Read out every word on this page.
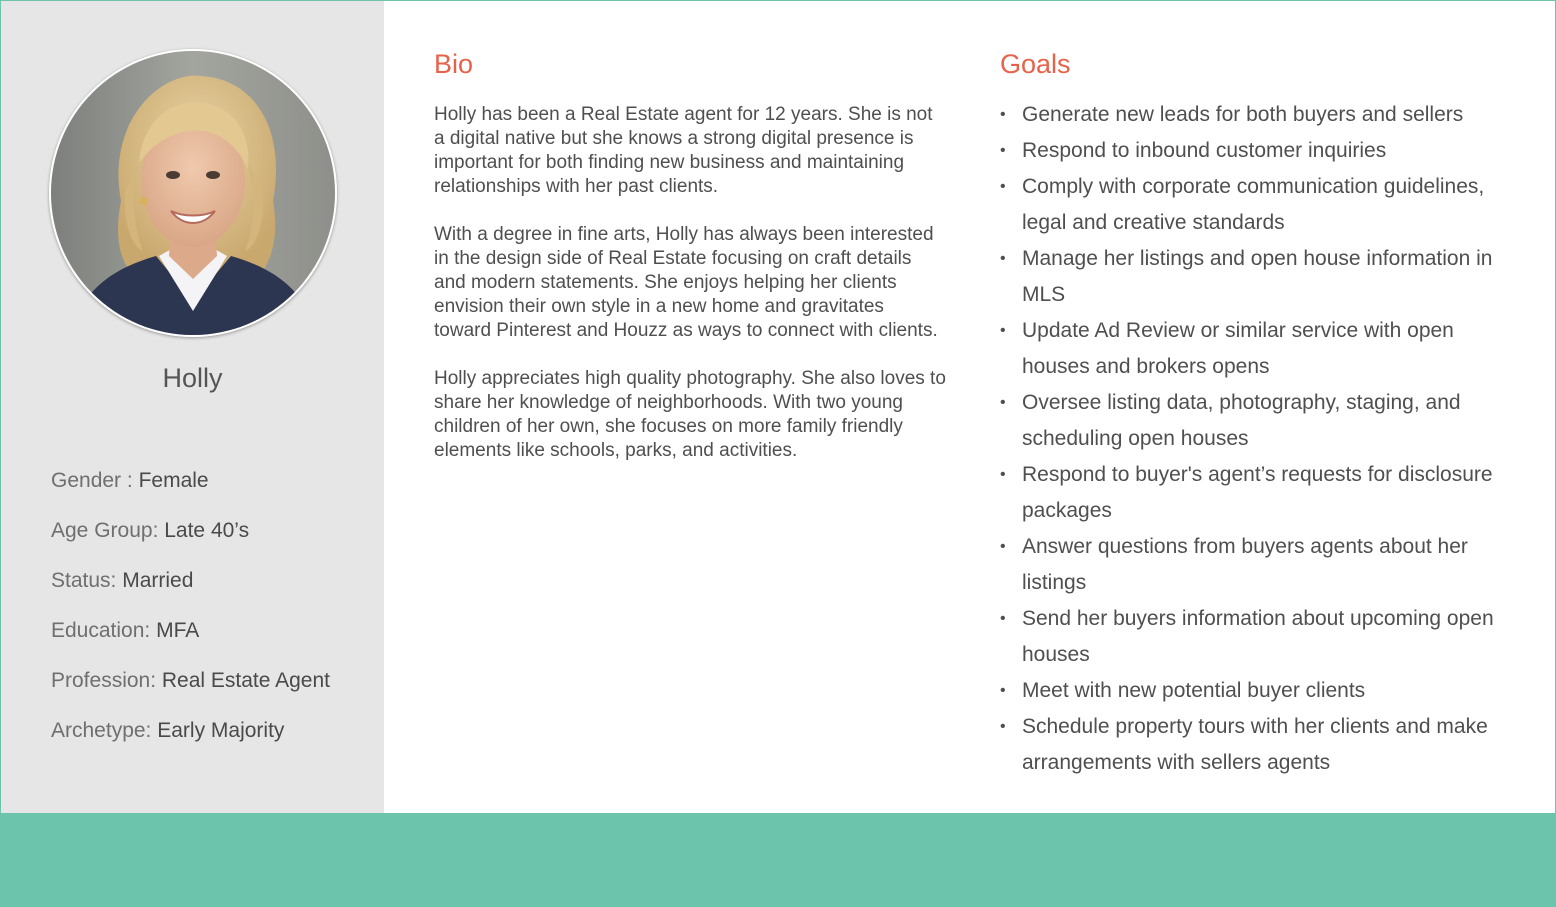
Holly
Gender : Female
Age Group: Late 40’s
Status: Married
Education: MFA
Profession: Real Estate Agent
Archetype: Early Majority
Bio

Holly has been a Real Estate agent for 12 years. She is not a digital native but she knows a strong digital presence is important for both finding new business and maintaining relationships with her past clients.

With a degree in fine arts, Holly has always been interested in the design side of Real Estate focusing on craft details and modern statements. She enjoys helping her clients envision their own style in a new home and gravitates toward Pinterest and Houzz as ways to connect with clients.

Holly appreciates high quality photography. She also loves to share her knowledge of neighborhoods. With two young children of her own, she focuses on more family friendly elements like schools, parks, and activities.

Goals
• Generate new leads for both buyers and sellers
• Respond to inbound customer inquiries
• Comply with corporate communication guidelines, legal and creative standards
• Manage her listings and open house information in MLS
• Update Ad Review or similar service with open houses and brokers opens
• Oversee listing data, photography, staging, and scheduling open houses
• Respond to buyer's agent’s requests for disclosure packages
• Answer questions from buyers agents about her listings
• Send her buyers information about upcoming open houses
• Meet with new potential buyer clients
• Schedule property tours with her clients and make arrangements with sellers agents
